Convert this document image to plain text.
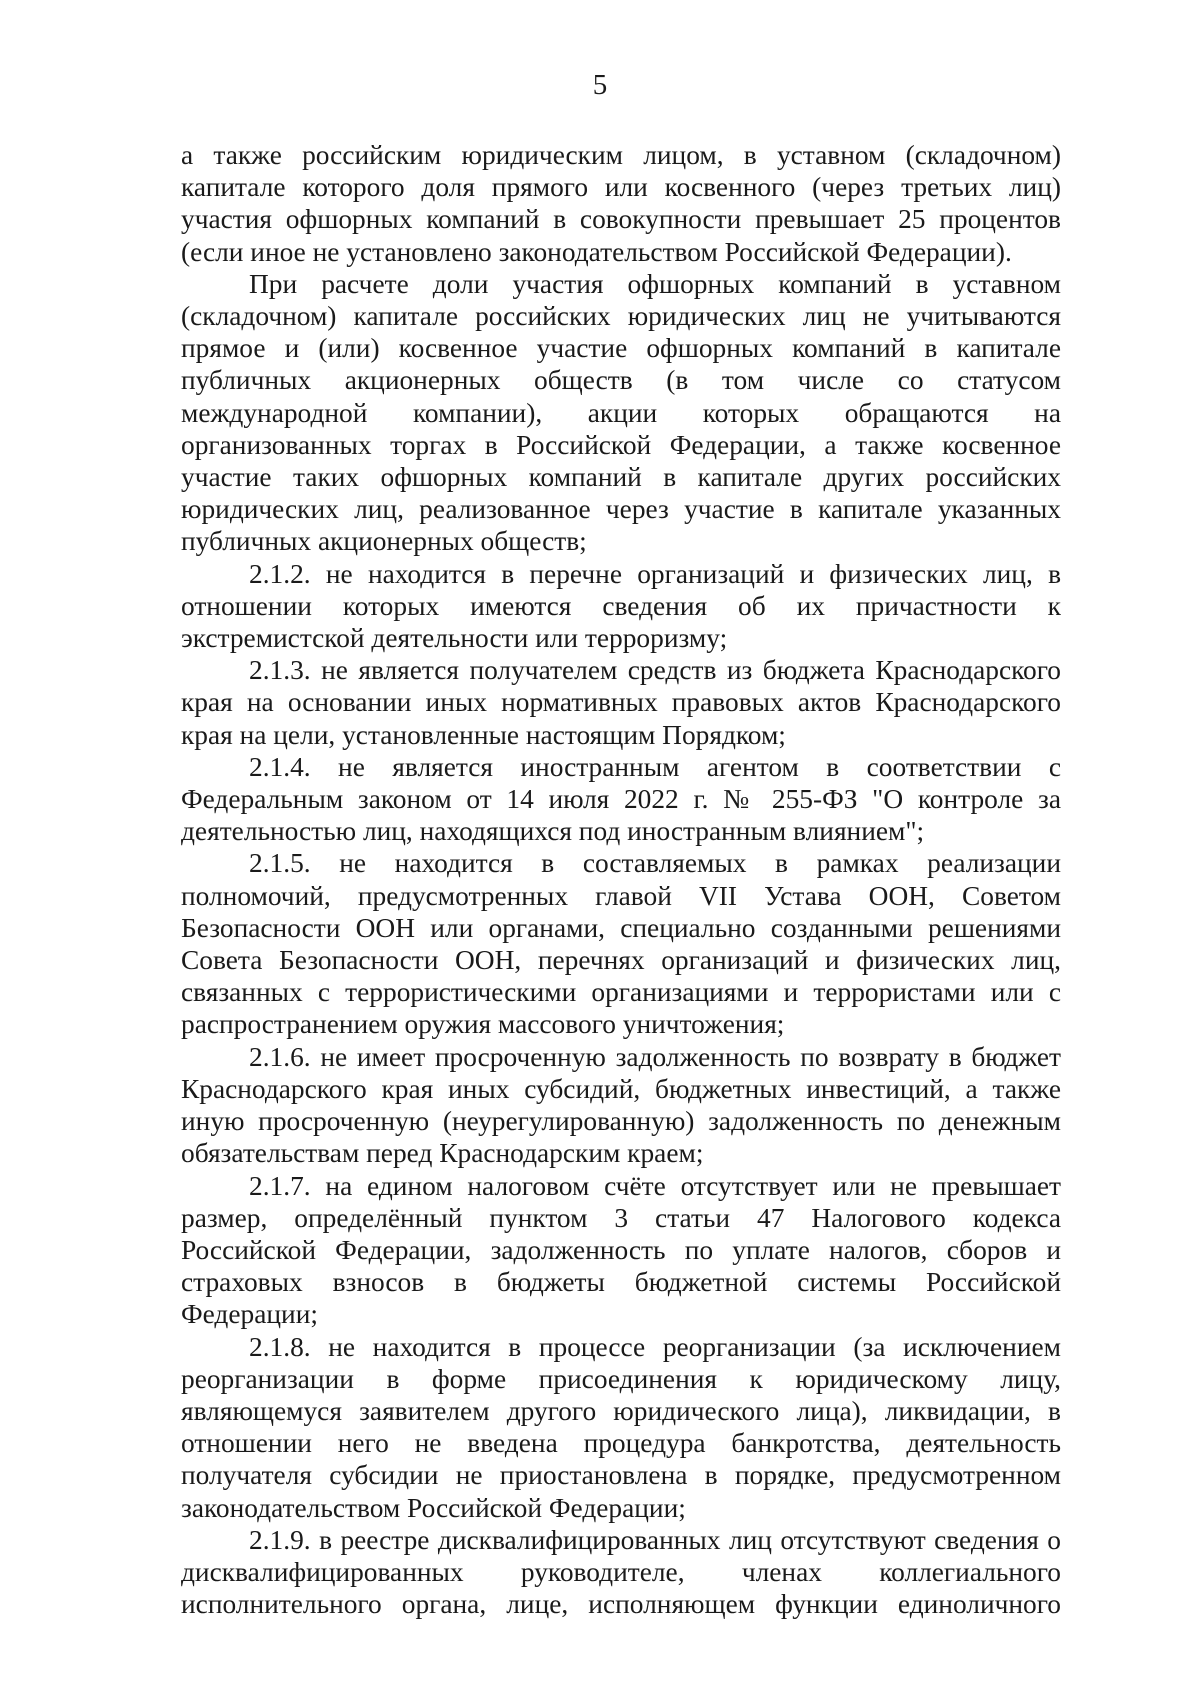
5

а также российским юридическим лицом, в уставном (складочном) капитале которого доля прямого или косвенного (через третьих лиц) участия офшорных компаний в совокупности превышает 25 процентов (если иное не установлено законодательством Российской Федерации).

При расчете доли участия офшорных компаний в уставном (складочном) капитале российских юридических лиц не учитываются прямое и (или) косвенное участие офшорных компаний в капитале публичных акционерных обществ (в том числе со статусом международной компании), акции которых обращаются на организованных торгах в Российской Федерации, а также косвенное участие таких офшорных компаний в капитале других российских юридических лиц, реализованное через участие в капитале указанных публичных акционерных обществ;

2.1.2. не находится в перечне организаций и физических лиц, в отношении которых имеются сведения об их причастности к экстремистской деятельности или терроризму;

2.1.3. не является получателем средств из бюджета Краснодарского края на основании иных нормативных правовых актов Краснодарского края на цели, установленные настоящим Порядком;

2.1.4. не является иностранным агентом в соответствии с Федеральным законом от 14 июля 2022 г. № 255-ФЗ "О контроле за деятельностью лиц, находящихся под иностранным влиянием";

2.1.5. не находится в составляемых в рамках реализации полномочий, предусмотренных главой VII Устава ООН, Советом Безопасности ООН или органами, специально созданными решениями Совета Безопасности ООН, перечнях организаций и физических лиц, связанных с террористическими организациями и террористами или с распространением оружия массового уничтожения;

2.1.6. не имеет просроченную задолженность по возврату в бюджет Краснодарского края иных субсидий, бюджетных инвестиций, а также иную просроченную (неурегулированную) задолженность по денежным обязательствам перед Краснодарским краем;

2.1.7. на едином налоговом счёте отсутствует или не превышает размер, определённый пунктом 3 статьи 47 Налогового кодекса Российской Федерации, задолженность по уплате налогов, сборов и страховых взносов в бюджеты бюджетной системы Российской Федерации;

2.1.8. не находится в процессе реорганизации (за исключением реорганизации в форме присоединения к юридическому лицу, являющемуся заявителем другого юридического лица), ликвидации, в отношении него не введена процедура банкротства, деятельность получателя субсидии не приостановлена в порядке, предусмотренном законодательством Российской Федерации;

2.1.9. в реестре дисквалифицированных лиц отсутствуют сведения о дисквалифицированных руководителе, членах коллегиального исполнительного органа, лице, исполняющем функции единоличного
